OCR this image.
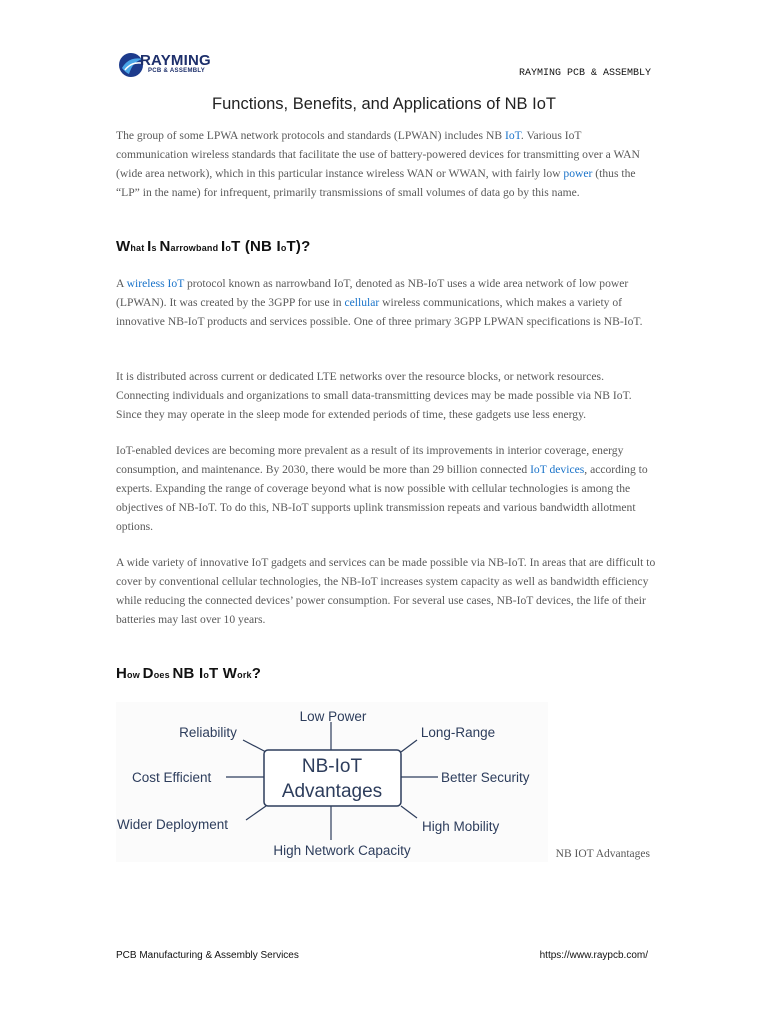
RAYMING
PCB & ASSEMBLY	RAYMING PCB & ASSEMBLY
Functions, Benefits, and Applications of NB IoT
The group of some LPWA network protocols and standards (LPWAN) includes NB IoT. Various IoT communication wireless standards that facilitate the use of battery-powered devices for transmitting over a WAN (wide area network), which in this particular instance wireless WAN or WWAN, with fairly low power (thus the “LP” in the name) for infrequent, primarily transmissions of small volumes of data go by this name.
What Is Narrowband IoT (NB IoT)?
A wireless IoT protocol known as narrowband IoT, denoted as NB-IoT uses a wide area network of low power (LPWAN). It was created by the 3GPP for use in cellular wireless communications, which makes a variety of innovative NB-IoT products and services possible. One of three primary 3GPP LPWAN specifications is NB-IoT.
It is distributed across current or dedicated LTE networks over the resource blocks, or network resources. Connecting individuals and organizations to small data-transmitting devices may be made possible via NB IoT. Since they may operate in the sleep mode for extended periods of time, these gadgets use less energy.
IoT-enabled devices are becoming more prevalent as a result of its improvements in interior coverage, energy consumption, and maintenance. By 2030, there would be more than 29 billion connected IoT devices, according to experts. Expanding the range of coverage beyond what is now possible with cellular technologies is among the objectives of NB-IoT. To do this, NB-IoT supports uplink transmission repeats and various bandwidth allotment options.
A wide variety of innovative IoT gadgets and services can be made possible via NB-IoT. In areas that are difficult to cover by conventional cellular technologies, the NB-IoT increases system capacity as well as bandwidth efficiency while reducing the connected devices’ power consumption. For several use cases, NB-IoT devices, the life of their batteries may last over 10 years.
How Does NB IoT Work?
NB-IoT
Advantages
Low Power
Reliability	Long-Range
Cost Efficient	Better Security
Wider Deployment	High Mobility
High Network Capacity	NB IOT Advantages
PCB Manufacturing & Assembly Services	https://www.raypcb.com/
